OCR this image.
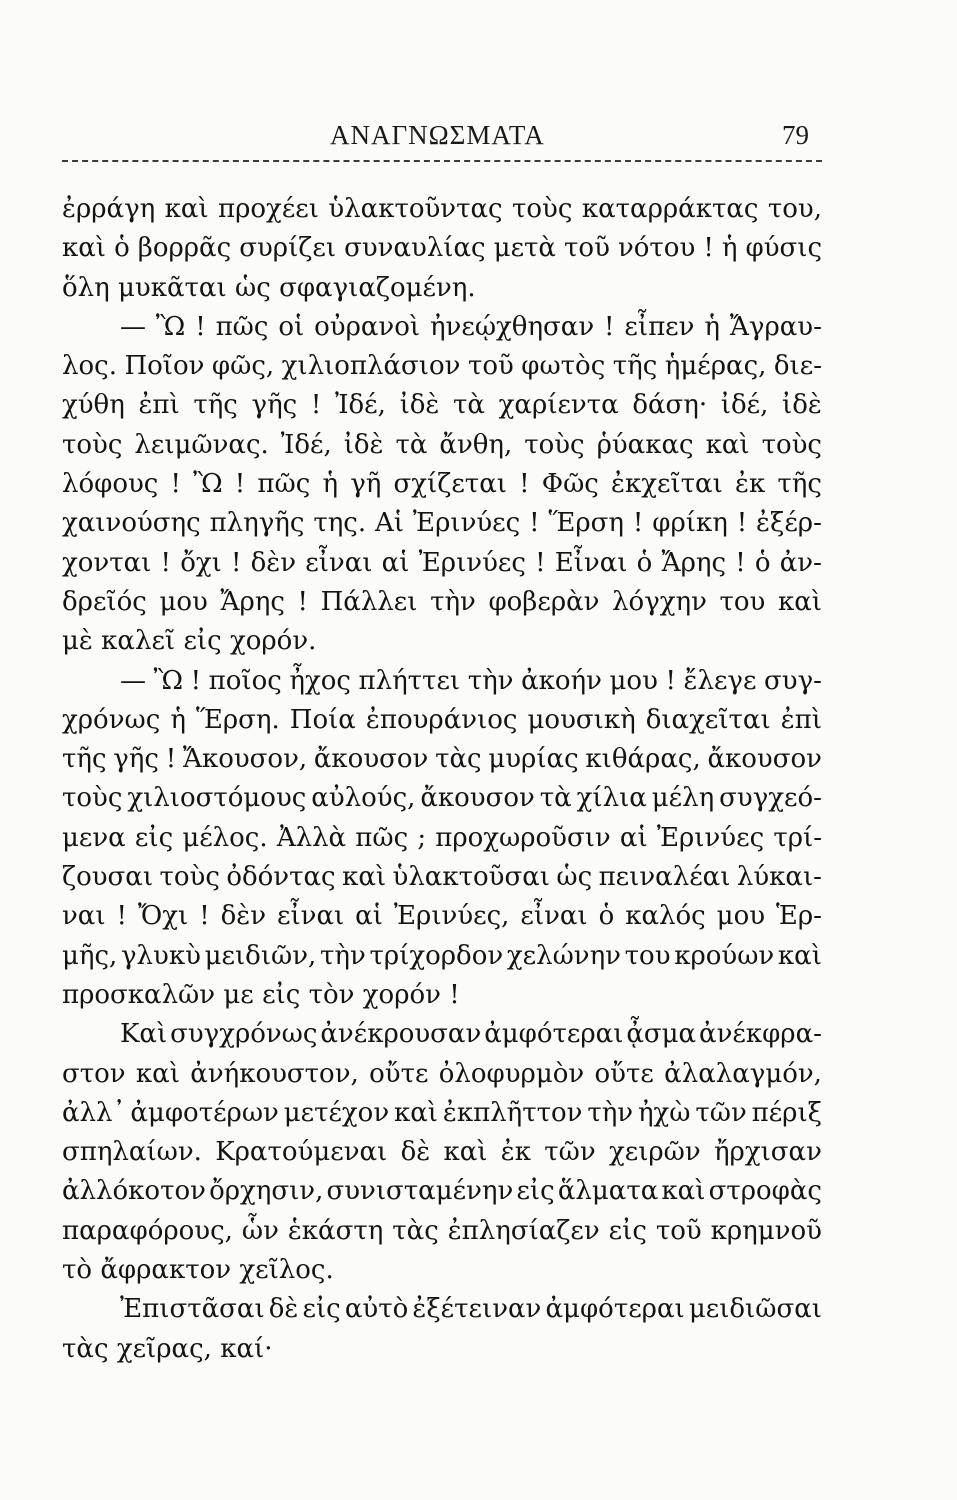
ΑΝΑΓΝΩΣΜΑΤΑ	79
ἐρράγη καὶ προχέει ὑλακτοῦντας τοὺς καταρράκτας του,
καὶ ὁ βορρᾶς συρίζει συναυλίας μετὰ τοῦ νότου ! ἡ φύσις
ὅλη μυκᾶται ὡς σφαγιαζομένη.
— Ὢ ! πῶς οἱ οὐρανοὶ ἠνεῴχθησαν ! εἶπεν ἡ Ἄγραυ-
λος. Ποῖον φῶς, χιλιοπλάσιον τοῦ φωτὸς τῆς ἡμέρας, διε-
χύθη ἐπὶ τῆς γῆς ! Ἰδέ, ἰδὲ τὰ χαρίεντα δάση· ἰδέ, ἰδὲ
τοὺς λειμῶνας. Ἰδέ, ἰδὲ τὰ ἄνθη, τοὺς ῥύακας καὶ τοὺς
λόφους ! Ὢ ! πῶς ἡ γῆ σχίζεται ! Φῶς ἐκχεῖται ἐκ τῆς
χαινούσης πληγῆς της. Αἱ Ἐρινύες ! Ἕρση ! φρίκη ! ἐξέρ-
χονται ! ὄχι ! δὲν εἶναι αἱ Ἐρινύες ! Εἶναι ὁ Ἄρης ! ὁ ἀν-
δρεῖός μου Ἄρης ! Πάλλει τὴν φοβερὰν λόγχην του καὶ
μὲ καλεῖ εἰς χορόν.
— Ὢ ! ποῖος ἦχος πλήττει τὴν ἀκοήν μου ! ἔλεγε συγ-
χρόνως ἡ Ἕρση. Ποία ἐπουράνιος μουσικὴ διαχεῖται ἐπὶ
τῆς γῆς ! Ἄκουσον, ἄκουσον τὰς μυρίας κιθάρας, ἄκουσον
τοὺς χιλιοστόμους αὐλούς, ἄκουσον τὰ χίλια μέλη συγχεό-
μενα εἰς μέλος. Ἀλλὰ πῶς ; προχωροῦσιν αἱ Ἐρινύες τρί-
ζουσαι τοὺς ὀδόντας καὶ ὑλακτοῦσαι ὡς πειναλέαι λύκαι-
ναι ! Ὄχι ! δὲν εἶναι αἱ Ἐρινύες, εἶναι ὁ καλός μου Ἑρ-
μῆς, γλυκὺ μειδιῶν, τὴν τρίχορδον χελώνην του κρούων καὶ
προσκαλῶν με εἰς τὸν χορόν !
Καὶ συγχρόνως ἀνέκρουσαν ἀμφότεραι ᾆσμα ἀνέκφρα-
στον καὶ ἀνήκουστον, οὔτε ὀλοφυρμὸν οὔτε ἀλαλαγμόν,
ἀλλ᾽ ἀμφοτέρων μετέχον καὶ ἐκπλῆττον τὴν ἠχὼ τῶν πέριξ
σπηλαίων. Κρατούμεναι δὲ καὶ ἐκ τῶν χειρῶν ἤρχισαν
ἀλλόκοτον ὄρχησιν, συνισταμένην εἰς ἅλματα καὶ στροφὰς
παραφόρους, ὧν ἑκάστη τὰς ἐπλησίαζεν εἰς τοῦ κρημνοῦ
τὸ ἄφρακτον χεῖλος.
Ἐπιστᾶσαι δὲ εἰς αὐτὸ ἐξέτειναν ἀμφότεραι μειδιῶσαι
τὰς χεῖρας, καί·
